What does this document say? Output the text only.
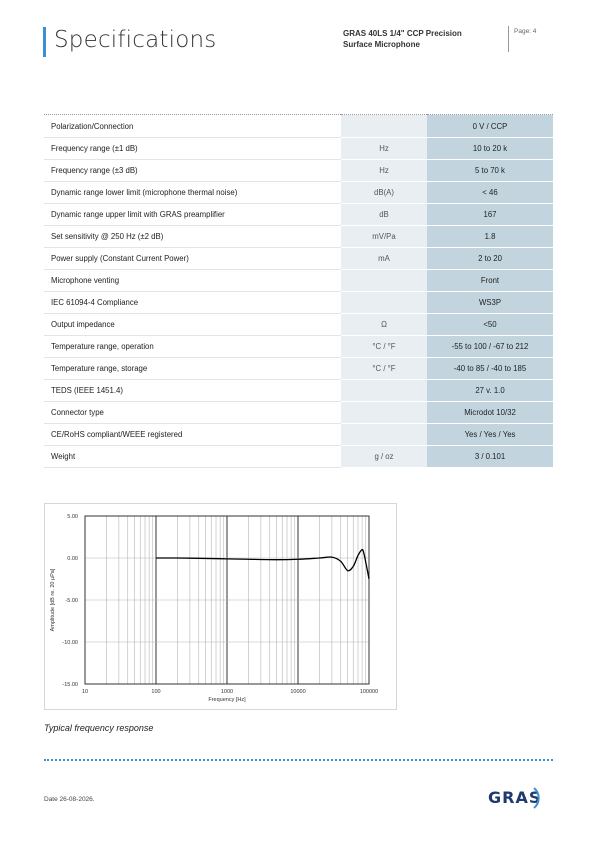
Specifications	GRAS 40LS 1/4" CCP Precision
Surface Microphone
Page: 4
Polarization/Connection		0 V / CCP
Frequency range (±1 dB)	Hz	10 to 20 k
Frequency range (±3 dB)	Hz	5 to 70 k
Dynamic range lower limit (microphone thermal noise)	dB(A)	< 46
Dynamic range upper limit with GRAS preamplifier	dB	167
Set sensitivity @ 250 Hz (±2 dB)	mV/Pa	1.8
Power supply (Constant Current Power)	mA	2 to 20
Microphone venting		Front
IEC 61094-4 Compliance		WS3P
Output impedance	Ω	<50
Temperature range, operation	°C / °F	-55 to 100 / -67 to 212
Temperature range, storage	°C / °F	-40 to 85 / -40 to 185
TEDS (IEEE 1451.4)		27 v. 1.0
Connector type		Microdot 10/32
CE/RoHS compliant/WEEE registered		Yes / Yes / Yes
Weight	g / oz	3 / 0.101
5.00
0.00
-5.00
-10.00
-15.00
10	100	1000	10000	100000
Frequency [Hz]
Amplitude [dB re. 20 µPa]
Typical frequency response
Date 26-08-2026.	GRAS
